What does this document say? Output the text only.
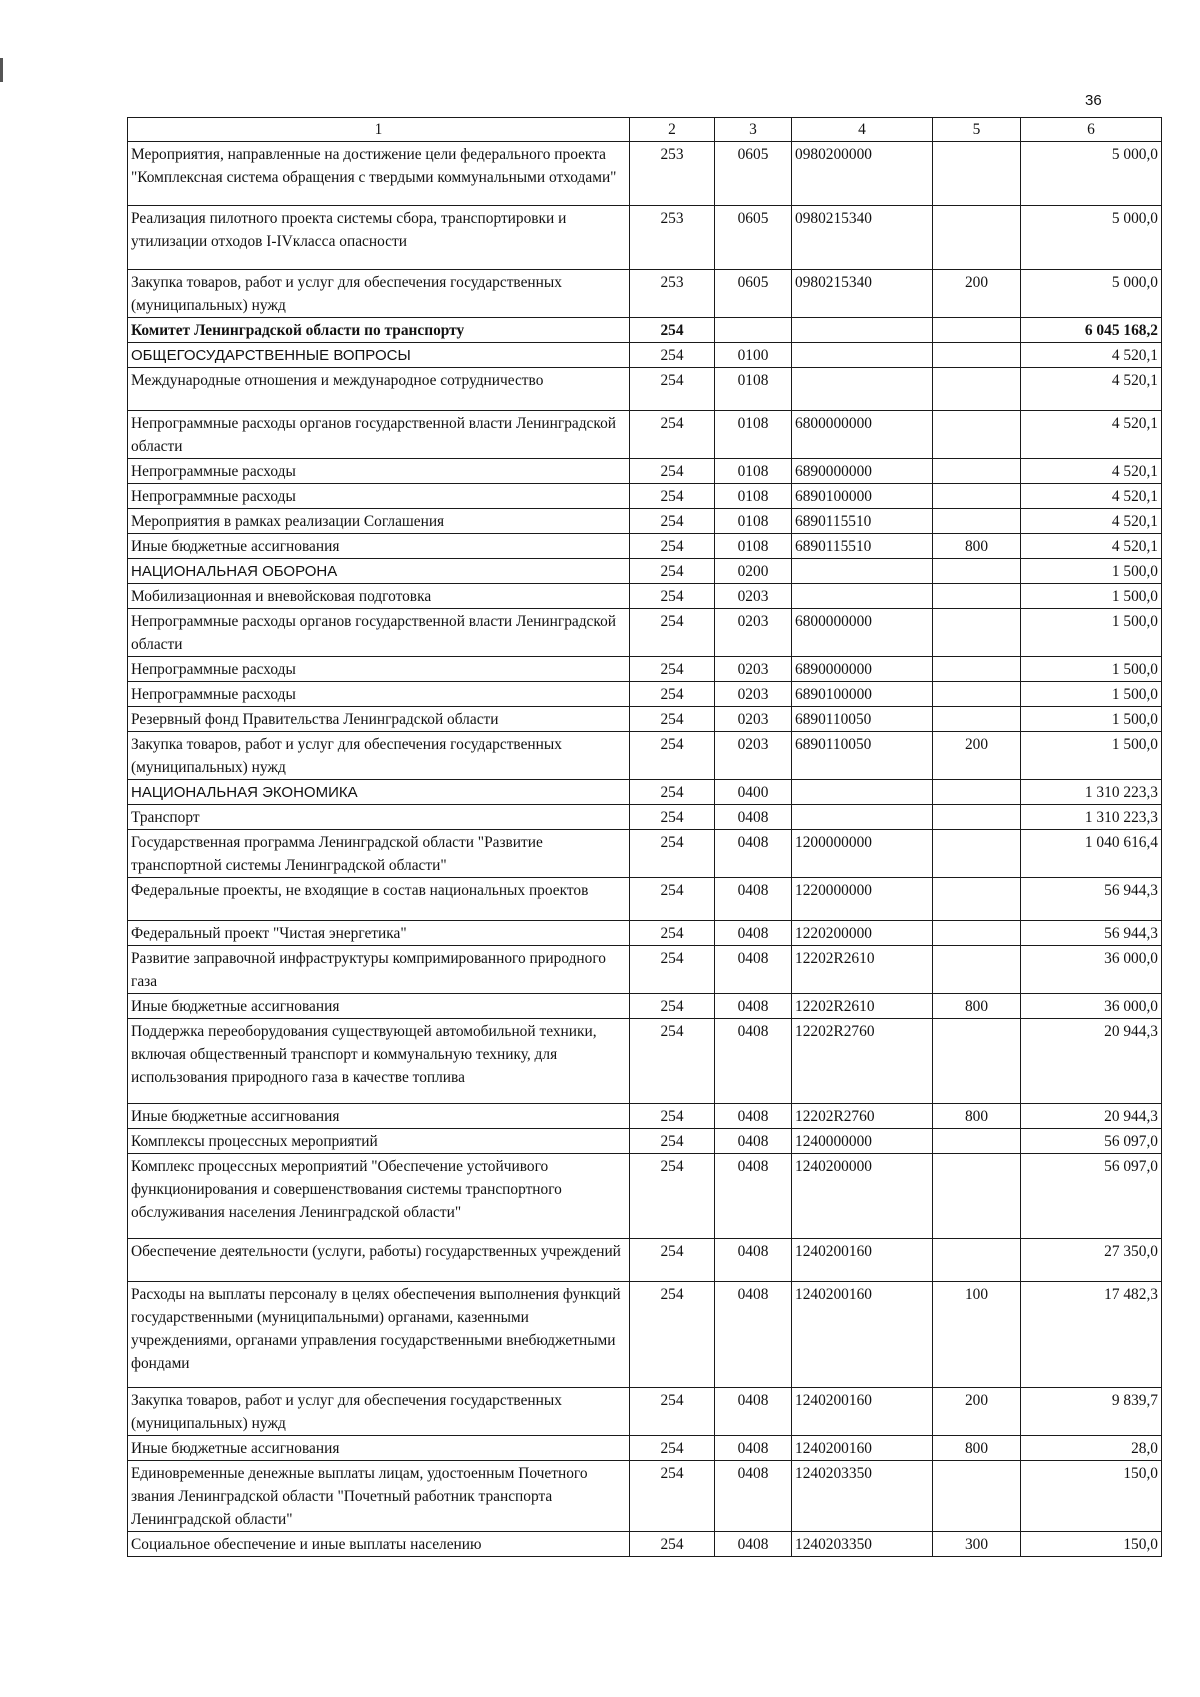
36
1	2	3	4	5	6
Мероприятия, направленные на достижение цели федерального проекта "Комплексная система обращения с твердыми коммунальными отходами"	253	0605	0980200000		5 000,0
Реализация пилотного проекта системы сбора, транспортировки и утилизации отходов I-IVкласса опасности	253	0605	0980215340		5 000,0
Закупка товаров, работ и услуг для обеспечения государственных (муниципальных) нужд	253	0605	0980215340	200	5 000,0
Комитет Ленинградской области по транспорту	254				6 045 168,2
ОБЩЕГОСУДАРСТВЕННЫЕ ВОПРОСЫ	254	0100			4 520,1
Международные отношения и международное сотрудничество	254	0108			4 520,1
Непрограммные расходы органов государственной власти Ленинградской области	254	0108	6800000000		4 520,1
Непрограммные расходы	254	0108	6890000000		4 520,1
Непрограммные расходы	254	0108	6890100000		4 520,1
Мероприятия в рамках реализации Соглашения	254	0108	6890115510		4 520,1
Иные бюджетные ассигнования	254	0108	6890115510	800	4 520,1
НАЦИОНАЛЬНАЯ ОБОРОНА	254	0200			1 500,0
Мобилизационная и вневойсковая подготовка	254	0203			1 500,0
Непрограммные расходы органов государственной власти Ленинградской области	254	0203	6800000000		1 500,0
Непрограммные расходы	254	0203	6890000000		1 500,0
Непрограммные расходы	254	0203	6890100000		1 500,0
Резервный фонд Правительства Ленинградской области	254	0203	6890110050		1 500,0
Закупка товаров, работ и услуг для обеспечения государственных (муниципальных) нужд	254	0203	6890110050	200	1 500,0
НАЦИОНАЛЬНАЯ ЭКОНОМИКА	254	0400			1 310 223,3
Транспорт	254	0408			1 310 223,3
Государственная программа Ленинградской области "Развитие транспортной системы Ленинградской области"	254	0408	1200000000		1 040 616,4
Федеральные проекты, не входящие в состав национальных проектов	254	0408	1220000000		56 944,3
Федеральный проект "Чистая энергетика"	254	0408	1220200000		56 944,3
Развитие заправочной инфраструктуры компримированного природного газа	254	0408	12202R2610		36 000,0
Иные бюджетные ассигнования	254	0408	12202R2610	800	36 000,0
Поддержка переоборудования существующей автомобильной техники, включая общественный транспорт и коммунальную технику, для использования природного газа в качестве топлива	254	0408	12202R2760		20 944,3
Иные бюджетные ассигнования	254	0408	12202R2760	800	20 944,3
Комплексы процессных мероприятий	254	0408	1240000000		56 097,0
Комплекс процессных мероприятий "Обеспечение устойчивого функционирования и совершенствования системы транспортного обслуживания населения Ленинградской области"	254	0408	1240200000		56 097,0
Обеспечение деятельности (услуги, работы) государственных учреждений	254	0408	1240200160		27 350,0
Расходы на выплаты персоналу в целях обеспечения выполнения функций государственными (муниципальными) органами, казенными учреждениями, органами управления государственными внебюджетными фондами	254	0408	1240200160	100	17 482,3
Закупка товаров, работ и услуг для обеспечения государственных (муниципальных) нужд	254	0408	1240200160	200	9 839,7
Иные бюджетные ассигнования	254	0408	1240200160	800	28,0
Единовременные денежные выплаты лицам, удостоенным Почетного звания Ленинградской области "Почетный работник транспорта Ленинградской области"	254	0408	1240203350		150,0
Социальное обеспечение и иные выплаты населению	254	0408	1240203350	300	150,0
